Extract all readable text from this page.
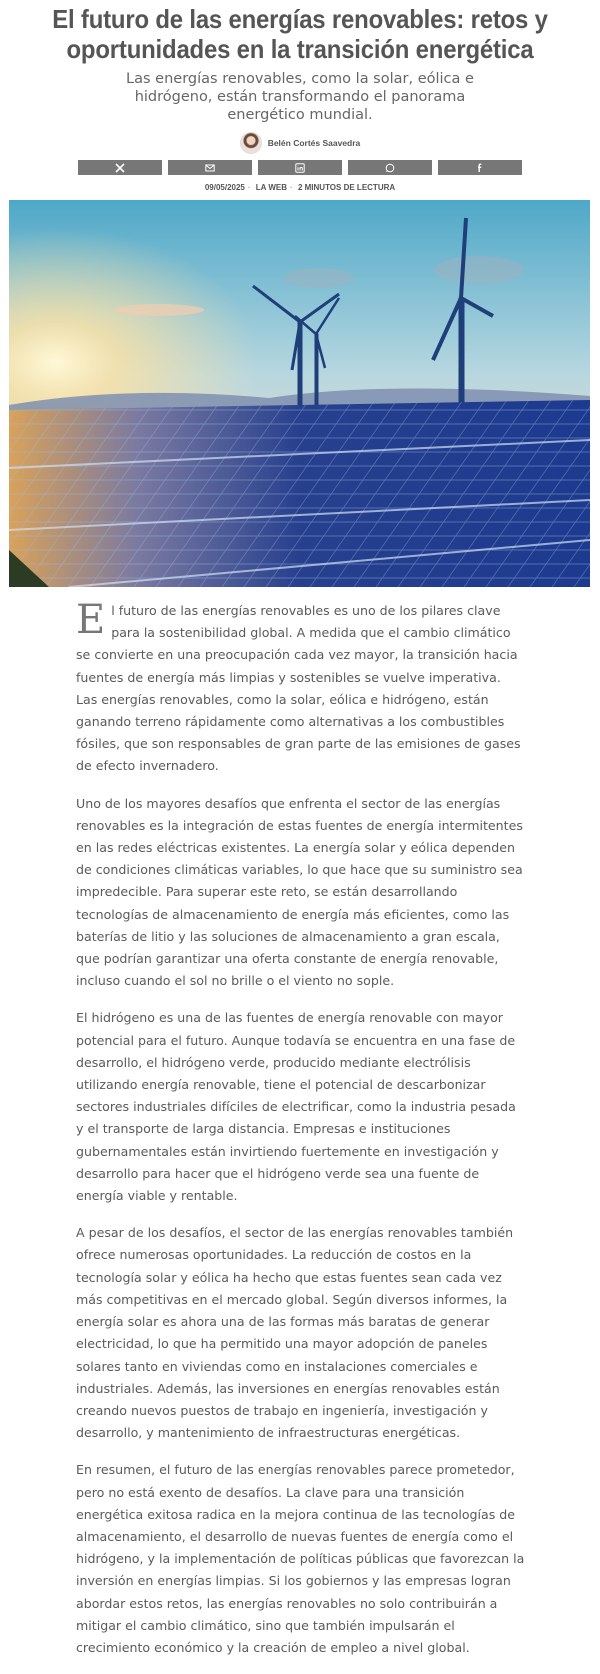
El futuro de las energías renovables: retos y oportunidades en la transición energética
Las energías renovables, como la solar, eólica e hidrógeno, están transformando el panorama energético mundial.
Belén Cortés Saavedra
09/05/2025 · LA WEB · 2 MINUTOS DE LECTURA

El futuro de las energías renovables es uno de los pilares clave para la sostenibilidad global. A medida que el cambio climático se convierte en una preocupación cada vez mayor, la transición hacia fuentes de energía más limpias y sostenibles se vuelve imperativa. Las energías renovables, como la solar, eólica e hidrógeno, están ganando terreno rápidamente como alternativas a los combustibles fósiles, que son responsables de gran parte de las emisiones de gases de efecto invernadero.

Uno de los mayores desafíos que enfrenta el sector de las energías renovables es la integración de estas fuentes de energía intermitentes en las redes eléctricas existentes. La energía solar y eólica dependen de condiciones climáticas variables, lo que hace que su suministro sea impredecible. Para superar este reto, se están desarrollando tecnologías de almacenamiento de energía más eficientes, como las baterías de litio y las soluciones de almacenamiento a gran escala, que podrían garantizar una oferta constante de energía renovable, incluso cuando el sol no brille o el viento no sople.

El hidrógeno es una de las fuentes de energía renovable con mayor potencial para el futuro. Aunque todavía se encuentra en una fase de desarrollo, el hidrógeno verde, producido mediante electrólisis utilizando energía renovable, tiene el potencial de descarbonizar sectores industriales difíciles de electrificar, como la industria pesada y el transporte de larga distancia. Empresas e instituciones gubernamentales están invirtiendo fuertemente en investigación y desarrollo para hacer que el hidrógeno verde sea una fuente de energía viable y rentable.

A pesar de los desafíos, el sector de las energías renovables también ofrece numerosas oportunidades. La reducción de costos en la tecnología solar y eólica ha hecho que estas fuentes sean cada vez más competitivas en el mercado global. Según diversos informes, la energía solar es ahora una de las formas más baratas de generar electricidad, lo que ha permitido una mayor adopción de paneles solares tanto en viviendas como en instalaciones comerciales e industriales. Además, las inversiones en energías renovables están creando nuevos puestos de trabajo en ingeniería, investigación y desarrollo, y mantenimiento de infraestructuras energéticas.

En resumen, el futuro de las energías renovables parece prometedor, pero no está exento de desafíos. La clave para una transición energética exitosa radica en la mejora continua de las tecnologías de almacenamiento, el desarrollo de nuevas fuentes de energía como el hidrógeno, y la implementación de políticas públicas que favorezcan la inversión en energías limpias. Si los gobiernos y las empresas logran abordar estos retos, las energías renovables no solo contribuirán a mitigar el cambio climático, sino que también impulsarán el crecimiento económico y la creación de empleo a nivel global.
